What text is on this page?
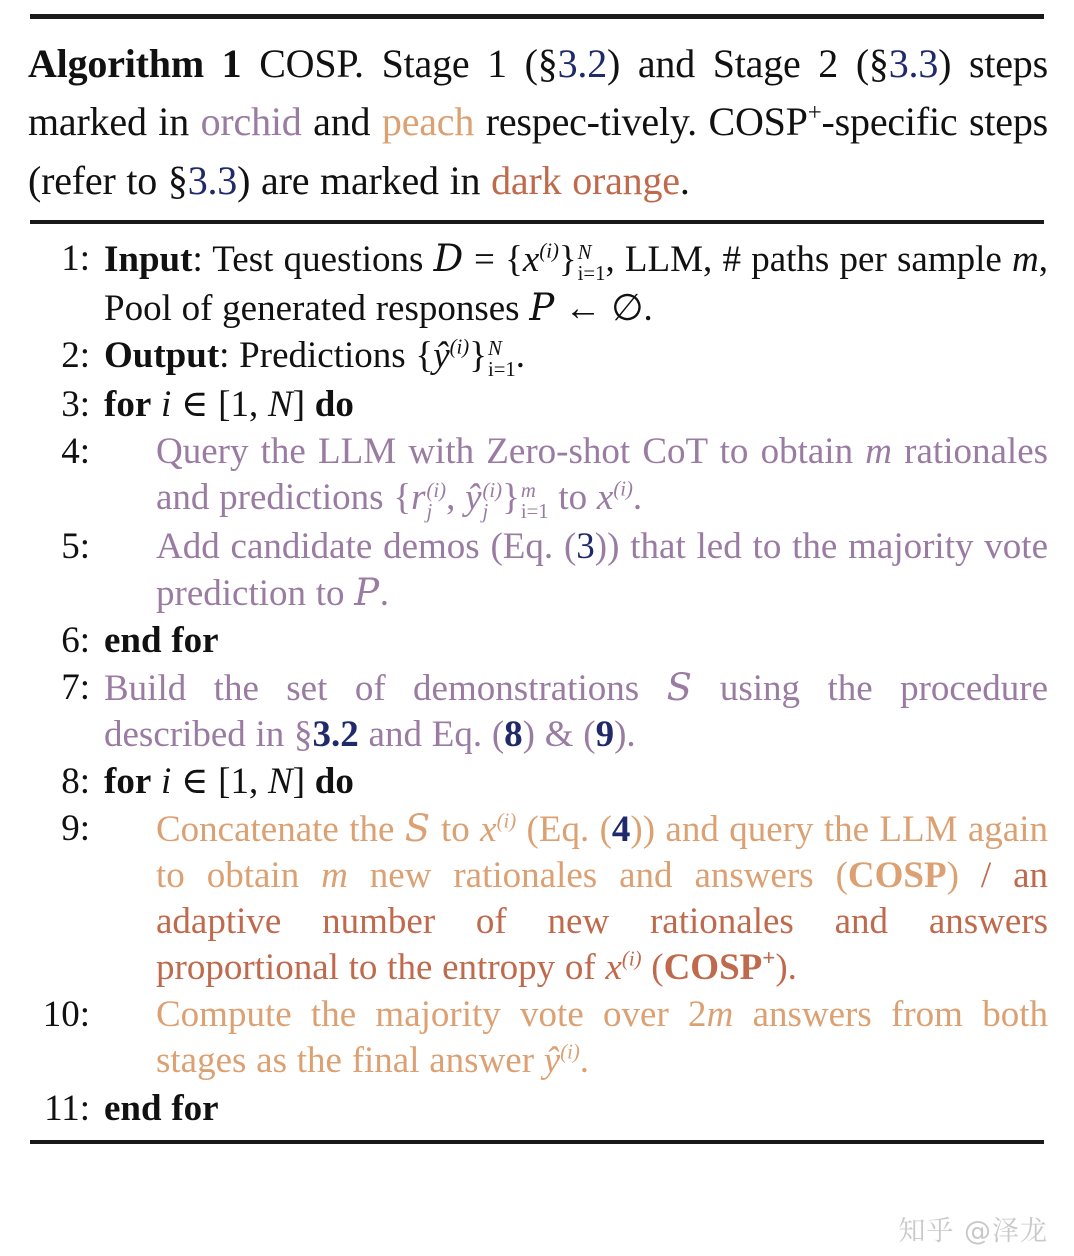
Algorithm 1 COSP. Stage 1 (§3.2) and Stage 2 (§3.3) steps marked in orchid and peach respec-tively. COSP+-specific steps (refer to §3.3) are marked in dark orange.
1: Input: Test questions $D = \{x^{(i)}\}$ N
i=1 , LLM, # paths per sample m, Pool of generated responses P ← ∅.
2: Output: Predictions $\{ŷ^{(i)}\}$ N
i=1 .
3: for i ∈ [1, N] do
4:	Query the LLM with Zero-shot CoT to obtain m rationales and predictions {r (i)
j , ŷ (i)
j } m
i=1 to $x^{(i)}$.
5:	Add candidate demos (Eq. (3)) that led to the majority vote prediction to P.
6: end for
7: Build the set of demonstrations S using the procedure described in §3.2 and Eq. (8) & (9).
8: for i ∈ [1, N] do
9:	Concatenate the S to $x^{(i)}$ (Eq. (4)) and query the LLM again to obtain m new rationales and answers (COSP) / an adaptive number of new rationales and answers proportional to the entropy of $x^{(i)}$ (COSP+).
10:	Compute the majority vote over 2m answers from both stages as the final answer $ŷ^{(i)}$.
11: end for
知乎 @泽龙
